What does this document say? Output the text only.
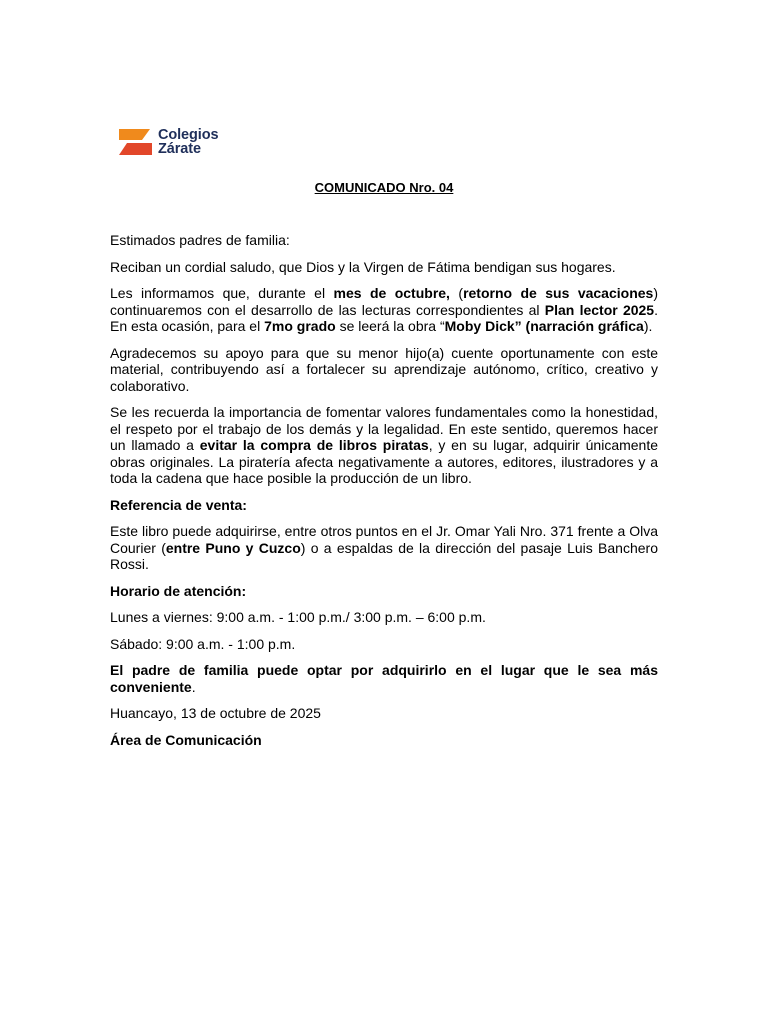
Colegios
Zárate
COMUNICADO Nro. 04

Estimados padres de familia:

Reciban un cordial saludo, que Dios y la Virgen de Fátima bendigan sus hogares.

Les informamos que, durante el mes de octubre, (retorno de sus vacaciones) continuaremos con el desarrollo de las lecturas correspondientes al Plan lector 2025. En esta ocasión, para el 7mo grado se leerá la obra “Moby Dick” (narración gráfica).

Agradecemos su apoyo para que su menor hijo(a) cuente oportunamente con este material, contribuyendo así a fortalecer su aprendizaje autónomo, crítico, creativo y colaborativo.

Se les recuerda la importancia de fomentar valores fundamentales como la honestidad, el respeto por el trabajo de los demás y la legalidad. En este sentido, queremos hacer un llamado a evitar la compra de libros piratas, y en su lugar, adquirir únicamente obras originales. La piratería afecta negativamente a autores, editores, ilustradores y a toda la cadena que hace posible la producción de un libro.

Referencia de venta:

Este libro puede adquirirse, entre otros puntos en el Jr. Omar Yali Nro. 371 frente a Olva Courier (entre Puno y Cuzco) o a espaldas de la dirección del pasaje Luis Banchero Rossi.

Horario de atención:

Lunes a viernes: 9:00 a.m. - 1:00 p.m./ 3:00 p.m. – 6:00 p.m.

Sábado: 9:00 a.m. - 1:00 p.m.

El padre de familia puede optar por adquirirlo en el lugar que le sea más conveniente.

Huancayo, 13 de octubre de 2025

Área de Comunicación
